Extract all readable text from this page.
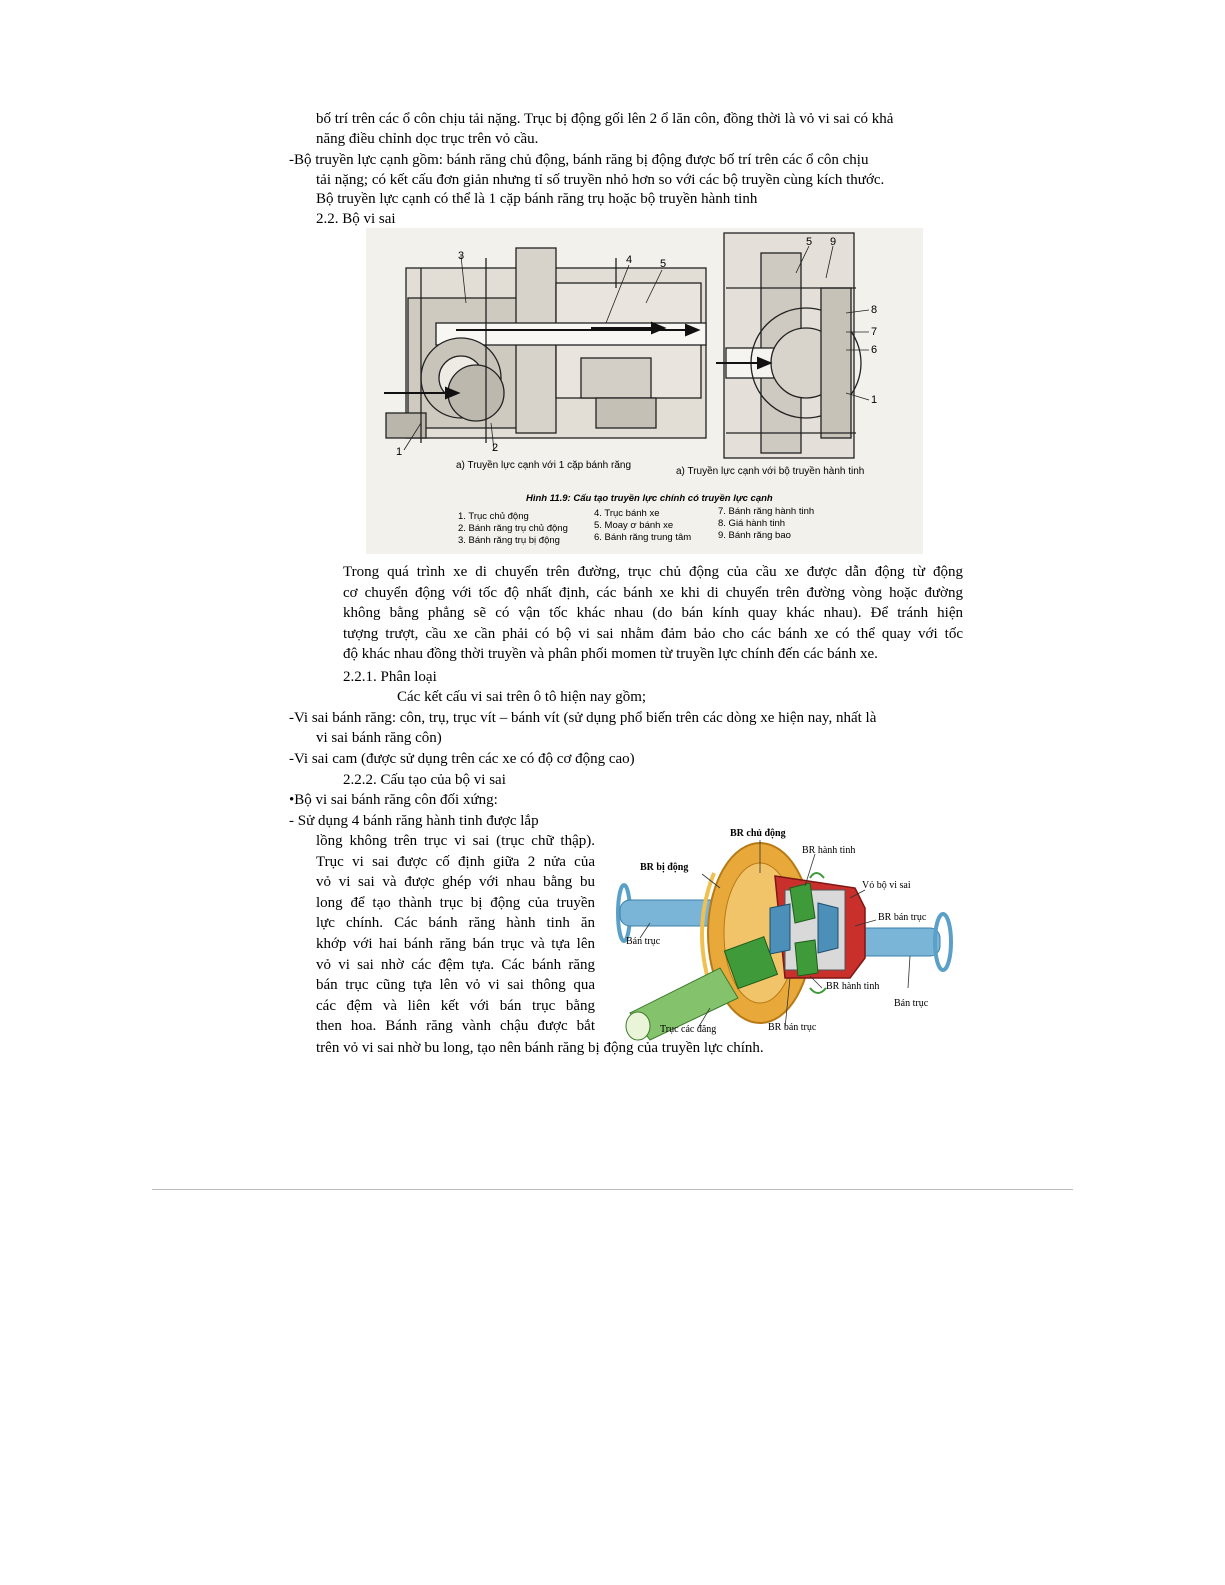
bố trí trên các ổ côn chịu tải nặng. Trục bị động gối lên 2 ổ lăn côn, đồng thời là vỏ vi sai có khả
năng điều chỉnh dọc trục trên vỏ cầu.
-Bộ truyền lực cạnh gồm: bánh răng chủ động, bánh răng bị động được bố trí trên các ổ côn chịu
tải nặng; có kết cấu đơn giản nhưng tỉ số truyền nhỏ hơn so với các bộ truyền cùng kích thước.
Bộ truyền lực cạnh có thể là 1 cặp bánh răng trụ hoặc bộ truyền hành tinh
2.2. Bộ vi sai
3	4	5
1	2
5 9
8
7
6
1
a) Truyền lực cạnh với 1 cặp bánh răng
a) Truyền lực cạnh với bộ truyền hành tinh
Hình 11.9: Cấu tạo truyền lực chính có truyền lực cạnh
1. Trục chủ động
2. Bánh răng trụ chủ động
3. Bánh răng trụ bị động
4. Trục bánh xe
5. Moay ơ bánh xe
6. Bánh răng trung tâm
7. Bánh răng hành tinh
8. Giá hành tinh
9. Bánh răng bao
Trong quá trình xe di chuyển trên đường, trục chủ động của cầu xe được dẫn động từ động
cơ chuyển động với tốc độ nhất định, các bánh xe khi di chuyển trên đường vòng hoặc đường
không bằng phẳng sẽ có vận tốc khác nhau (do bán kính quay khác nhau). Để tránh hiện
tượng trượt, cầu xe cần phải có bộ vi sai nhằm đảm bảo cho các bánh xe có thể quay với tốc
độ khác nhau đồng thời truyền và phân phối momen từ truyền lực chính đến các bánh xe.
2.2.1. Phân loại
Các kết cấu vi sai trên ô tô hiện nay gồm;
-Vi sai bánh răng: côn, trụ, trục vít – bánh vít (sử dụng phổ biến trên các dòng xe hiện nay, nhất là
vi sai bánh răng côn)
-Vi sai cam (được sử dụng trên các xe có độ cơ động cao)
2.2.2. Cấu tạo của bộ vi sai
•Bộ vi sai bánh răng côn đối xứng:
- Sử dụng 4 bánh răng hành tinh được lắp
lồng không trên trục vi sai (trục chữ thập).
Trục vi sai được cố định giữa 2 nửa của
vỏ vi sai và được ghép với nhau bằng bu
long để tạo thành trục bị động của truyền
lực chính. Các bánh răng hành tinh ăn
khớp với hai bánh răng bán trục và tựa lên
vỏ vi sai nhờ các đệm tựa. Các bánh răng
bán trục cũng tựa lên vỏ vi sai thông qua
các đệm và liên kết với bán trục bằng
then hoa. Bánh răng vành chậu được bắt
BR chủ động
BR hành tinh
BR bị động
Vỏ bộ vi sai
BR bán trục
Bán trục
BR hành tinh
Bán trục
Trục các đăng	BR bán trục
trên vỏ vi sai nhờ bu long, tạo nên bánh răng bị động của truyền lực chính.
